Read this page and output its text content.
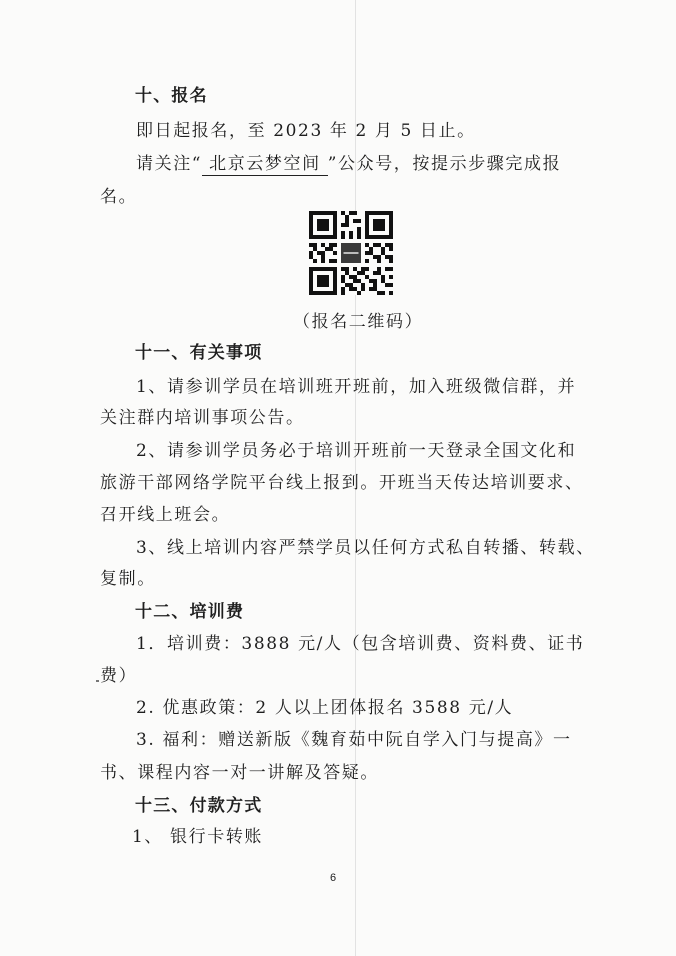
十、报名
即日起报名，至 2023 年 2 月 5 日止。
请关注“ 北京云梦空间 ”公众号，按提示步骤完成报
名。
（报名二维码）
十一、有关事项
1、请参训学员在培训班开班前，加入班级微信群，并
关注群内培训事项公告。
2、请参训学员务必于培训开班前一天登录全国文化和
旅游干部网络学院平台线上报到。开班当天传达培训要求、
召开线上班会。
3、线上培训内容严禁学员以任何方式私自转播、转载、
复制。
十二、培训费
1．培训费：3888 元/人（包含培训费、资料费、证书
费）
2. 优惠政策：2 人以上团体报名 3588 元/人
3. 福利：赠送新版《魏育茹中阮自学入门与提高》一
书、课程内容一对一讲解及答疑。
十三、付款方式
1、 银行卡转账
6
